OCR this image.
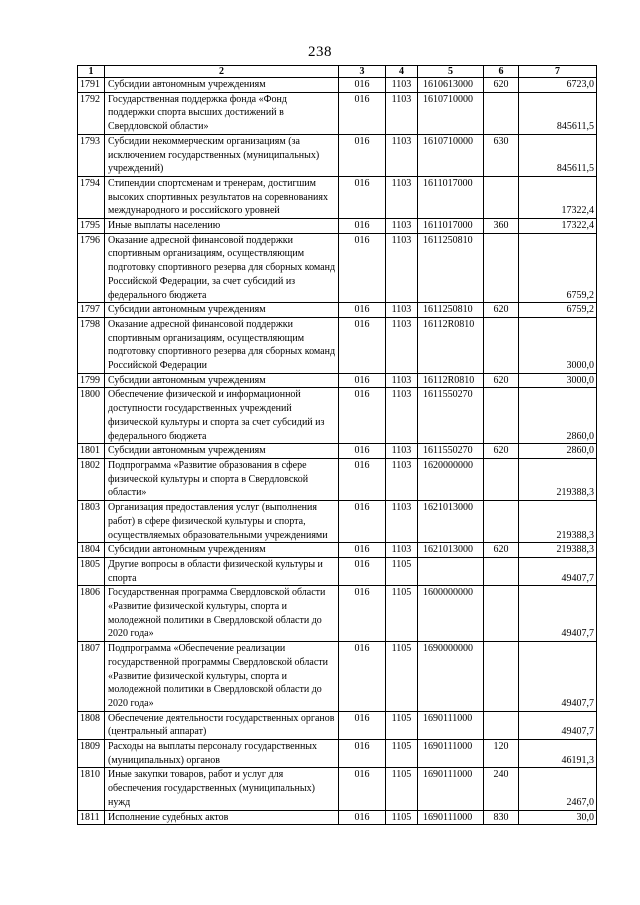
238
1	2	3	4	5	6	7
1791	Субсидии автономным учреждениям	016	1103	1610613000	620	6723,0
1792	Государственная поддержка фонда «Фонд поддержки спорта высших достижений в Свердловской области»	016	1103	1610710000		845611,5
1793	Субсидии некоммерческим организациям (за исключением государственных (муниципальных) учреждений)	016	1103	1610710000	630	845611,5
1794	Стипендии спортсменам и тренерам, достигшим высоких спортивных результатов на соревнованиях международного и российского уровней	016	1103	1611017000		17322,4
1795	Иные выплаты населению	016	1103	1611017000	360	17322,4
1796	Оказание адресной финансовой поддержки спортивным организациям, осуществляющим подготовку спортивного резерва для сборных команд Российской Федерации, за счет субсидий из федерального бюджета	016	1103	1611250810		6759,2
1797	Субсидии автономным учреждениям	016	1103	1611250810	620	6759,2
1798	Оказание адресной финансовой поддержки спортивным организациям, осуществляющим подготовку спортивного резерва для сборных команд Российской Федерации	016	1103	16112R0810		3000,0
1799	Субсидии автономным учреждениям	016	1103	16112R0810	620	3000,0
1800	Обеспечение физической и информационной доступности государственных учреждений физической культуры и спорта за счет субсидий из федерального бюджета	016	1103	1611550270		2860,0
1801	Субсидии автономным учреждениям	016	1103	1611550270	620	2860,0
1802	Подпрограмма «Развитие образования в сфере физической культуры и спорта в Свердловской области»	016	1103	1620000000		219388,3
1803	Организация предоставления услуг (выполнения работ) в сфере физической культуры и спорта, осуществляемых образовательными учреждениями	016	1103	1621013000		219388,3
1804	Субсидии автономным учреждениям	016	1103	1621013000	620	219388,3
1805	Другие вопросы в области физической культуры и спорта	016	1105			49407,7
1806	Государственная программа Свердловской области «Развитие физической культуры, спорта и молодежной политики в Свердловской области до 2020 года»	016	1105	1600000000		49407,7
1807	Подпрограмма «Обеспечение реализации государственной программы Свердловской области «Развитие физической культуры, спорта и молодежной политики в Свердловской области до 2020 года»	016	1105	1690000000		49407,7
1808	Обеспечение деятельности государственных органов (центральный аппарат)	016	1105	1690111000		49407,7
1809	Расходы на выплаты персоналу государственных (муниципальных) органов	016	1105	1690111000	120	46191,3
1810	Иные закупки товаров, работ и услуг для обеспечения государственных (муниципальных) нужд	016	1105	1690111000	240	2467,0
1811	Исполнение судебных актов	016	1105	1690111000	830	30,0
